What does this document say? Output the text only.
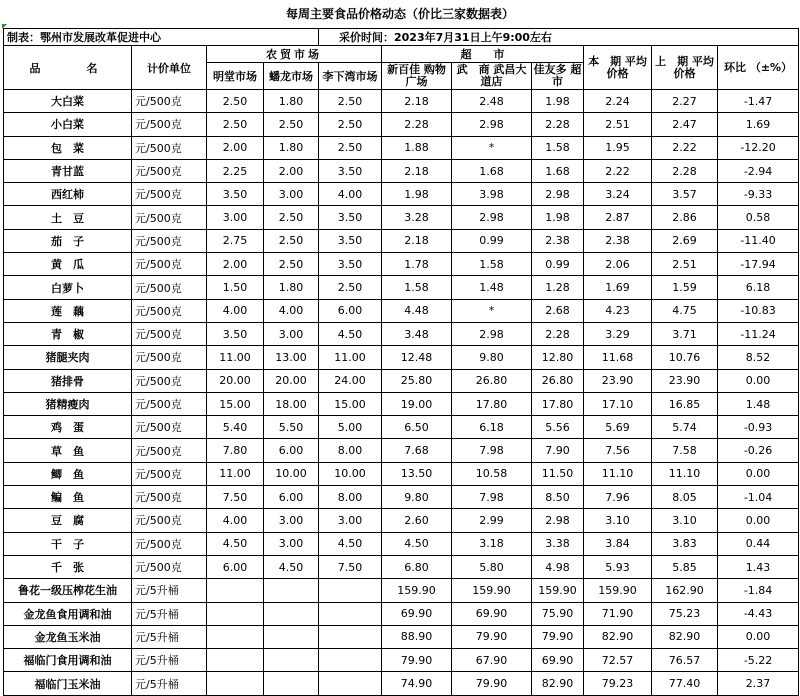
每周主要食品价格动态（价比三家数据表）
制表：鄂州市发展改革促进中心				采价时间：2023年7月31日上午9:00左右						
品　　名	计价单位	农贸市场			超　　市			本　期 平均价格	上　期 平均价格	环比 （±%）
		明堂市场	蟠龙市场	李下湾市场	新百佳 购物广场	武　商 武昌大道店	佳友多 超　市			
大白菜	元/500克	2.50	1.80	2.50	2.18	2.48	1.98	2.24	2.27	-1.47
小白菜	元/500克	2.50	2.50	2.50	2.28	2.98	2.28	2.51	2.47	1.69
包　菜	元/500克	2.00	1.80	2.50	1.88	*	1.58	1.95	2.22	-12.20
青甘蓝	元/500克	2.25	2.00	3.50	2.18	1.68	1.68	2.22	2.28	-2.94
西红柿	元/500克	3.50	3.00	4.00	1.98	3.98	2.98	3.24	3.57	-9.33
土　豆	元/500克	3.00	2.50	3.50	3.28	2.98	1.98	2.87	2.86	0.58
茄　子	元/500克	2.75	2.50	3.50	2.18	0.99	2.38	2.38	2.69	-11.40
黄　瓜	元/500克	2.00	2.50	3.50	1.78	1.58	0.99	2.06	2.51	-17.94
白萝卜	元/500克	1.50	1.80	2.50	1.58	1.48	1.28	1.69	1.59	6.18
莲　藕	元/500克	4.00	4.00	6.00	4.48	*	2.68	4.23	4.75	-10.83
青　椒	元/500克	3.50	3.00	4.50	3.48	2.98	2.28	3.29	3.71	-11.24
猪腿夹肉	元/500克	11.00	13.00	11.00	12.48	9.80	12.80	11.68	10.76	8.52
猪排骨	元/500克	20.00	20.00	24.00	25.80	26.80	26.80	23.90	23.90	0.00
猪精瘦肉	元/500克	15.00	18.00	15.00	19.00	17.80	17.80	17.10	16.85	1.48
鸡　蛋	元/500克	5.40	5.50	5.00	6.50	6.18	5.56	5.69	5.74	-0.93
草　鱼	元/500克	7.80	6.00	8.00	7.68	7.98	7.90	7.56	7.58	-0.26
鲫　鱼	元/500克	11.00	10.00	10.00	13.50	10.58	11.50	11.10	11.10	0.00
鳊　鱼	元/500克	7.50	6.00	8.00	9.80	7.98	8.50	7.96	8.05	-1.04
豆　腐	元/500克	4.00	3.00	3.00	2.60	2.99	2.98	3.10	3.10	0.00
干　子	元/500克	4.50	3.00	4.50	4.50	3.18	3.38	3.84	3.83	0.44
千　张	元/500克	6.00	4.50	7.50	6.80	5.80	4.98	5.93	5.85	1.43
鲁花一级压榨花生油	元/5升桶				159.90	159.90	159.90	159.90	162.90	-1.84
金龙鱼食用调和油	元/5升桶				69.90	69.90	75.90	71.90	75.23	-4.43
金龙鱼玉米油	元/5升桶				88.90	79.90	79.90	82.90	82.90	0.00
福临门食用调和油	元/5升桶				79.90	67.90	69.90	72.57	76.57	-5.22
福临门玉米油	元/5升桶				74.90	79.90	82.90	79.23	77.40	2.37
